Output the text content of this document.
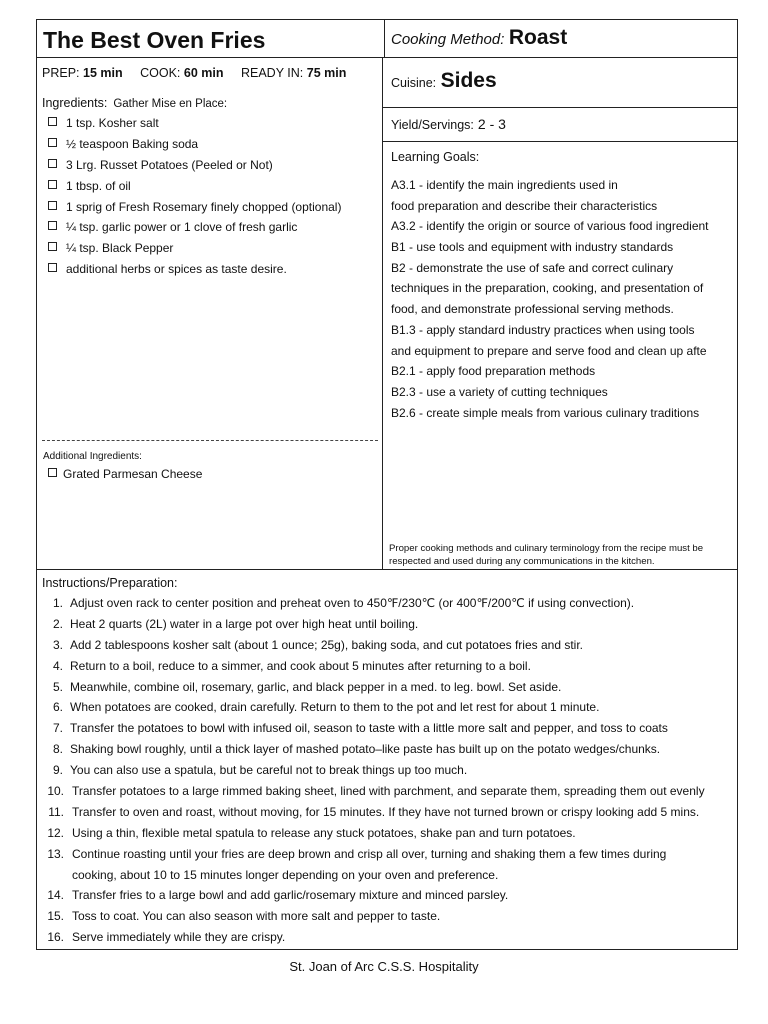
The Best Oven Fries	Cooking Method: Roast
PREP: 15 min COOK: 60 min READY IN: 75 min
Ingredients: Gather Mise en Place:
1 tsp. Kosher salt
½ teaspoon Baking soda
3 Lrg. Russet Potatoes (Peeled or Not)
1 tbsp. of oil
1 sprig of Fresh Rosemary finely chopped (optional)
¼ tsp. garlic power or 1 clove of fresh garlic
¼ tsp. Black Pepper
additional herbs or spices as taste desire.
Additional Ingredients:
Grated Parmesan Cheese
Cuisine: Sides
Yield/Servings: 2 - 3
Learning Goals:
A3.1 - identify the main ingredients used in
food preparation and describe their characteristics
A3.2 - identify the origin or source of various food ingredient
B1 - use tools and equipment with industry standards
B2 - demonstrate the use of safe and correct culinary
techniques in the preparation, cooking, and presentation of
food, and demonstrate professional serving methods.
B1.3 - apply standard industry practices when using tools
and equipment to prepare and serve food and clean up afte
B2.1 - apply food preparation methods
B2.3 - use a variety of cutting techniques
B2.6 - create simple meals from various culinary traditions
Proper cooking methods and culinary terminology from the recipe must be respected and used during any communications in the kitchen.
Instructions/Preparation:
1. Adjust oven rack to center position and preheat oven to 450℉/230℃ (or 400℉/200℃ if using convection).
2. Heat 2 quarts (2L) water in a large pot over high heat until boiling.
3. Add 2 tablespoons kosher salt (about 1 ounce; 25g), baking soda, and cut potatoes fries and stir.
4. Return to a boil, reduce to a simmer, and cook about 5 minutes after returning to a boil.
5. Meanwhile, combine oil, rosemary, garlic, and black pepper in a med. to leg. bowl. Set aside.
6. When potatoes are cooked, drain carefully. Return to them to the pot and let rest for about 1 minute.
7. Transfer the potatoes to bowl with infused oil, season to taste with a little more salt and pepper, and toss to coats
8. Shaking bowl roughly, until a thick layer of mashed potato–like paste has built up on the potato wedges/chunks.
9. You can also use a spatula, but be careful not to break things up too much.
10. Transfer potatoes to a large rimmed baking sheet, lined with parchment, and separate them, spreading them out evenly
11. Transfer to oven and roast, without moving, for 15 minutes. If they have not turned brown or crispy looking add 5 mins.
12. Using a thin, flexible metal spatula to release any stuck potatoes, shake pan and turn potatoes.
13. Continue roasting until your fries are deep brown and crisp all over, turning and shaking them a few times during
cooking, about 10 to 15 minutes longer depending on your oven and preference.
14. Transfer fries to a large bowl and add garlic/rosemary mixture and minced parsley.
15. Toss to coat. You can also season with more salt and pepper to taste.
16. Serve immediately while they are crispy.
St. Joan of Arc C.S.S. Hospitality
